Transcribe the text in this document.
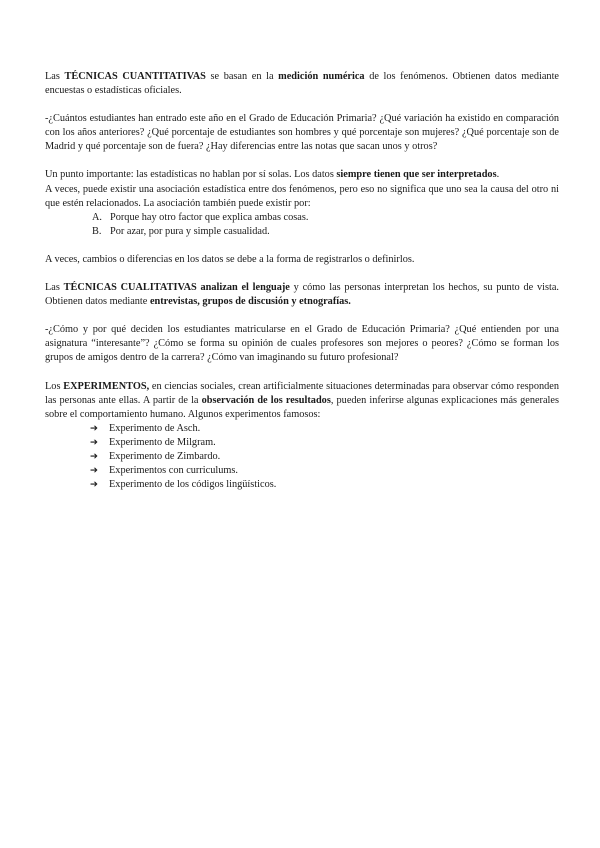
Las TÉCNICAS CUANTITATIVAS se basan en la medición numérica de los fenómenos. Obtienen datos mediante encuestas o estadísticas oficiales.

-¿Cuántos estudiantes han entrado este año en el Grado de Educación Primaria? ¿Qué variación ha existido en comparación con los años anteriores? ¿Qué porcentaje de estudiantes son hombres y qué porcentaje son mujeres? ¿Qué porcentaje son de Madrid y qué porcentaje son de fuera? ¿Hay diferencias entre las notas que sacan unos y otros?

Un punto importante: las estadísticas no hablan por sí solas. Los datos siempre tienen que ser interpretados.

A veces, puede existir una asociación estadística entre dos fenómenos, pero eso no significa que uno sea la causa del otro ni que estén relacionados. La asociación también puede existir por:

A. Porque hay otro factor que explica ambas cosas.
B. Por azar, por pura y simple casualidad.

A veces, cambios o diferencias en los datos se debe a la forma de registrarlos o definirlos.

Las TÉCNICAS CUALITATIVAS analizan el lenguaje y cómo las personas interpretan los hechos, su punto de vista. Obtienen datos mediante entrevistas, grupos de discusión y etnografías.

-¿Cómo y por qué deciden los estudiantes matricularse en el Grado de Educación Primaria? ¿Qué entienden por una asignatura “interesante”? ¿Cómo se forma su opinión de cuales profesores son mejores o peores? ¿Cómo se forman los grupos de amigos dentro de la carrera? ¿Cómo van imaginando su futuro profesional?

Los EXPERIMENTOS, en ciencias sociales, crean artificialmente situaciones determinadas para observar cómo responden las personas ante ellas. A partir de la observación de los resultados, pueden inferirse algunas explicaciones más generales sobre el comportamiento humano. Algunos experimentos famosos:

➔	Experimento de Asch.
➔	Experimento de Milgram.
➔	Experimento de Zimbardo.
➔	Experimentos con curriculums.
➔	Experimento de los códigos lingüísticos.
